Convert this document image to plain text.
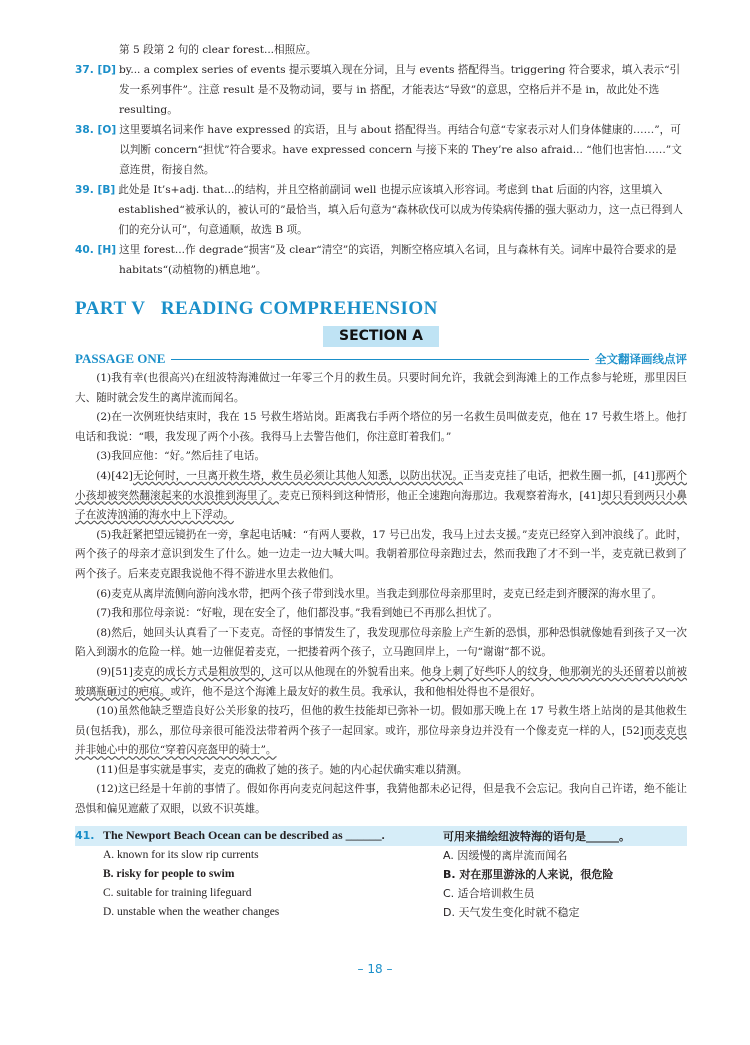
第 5 段第 2 句的 clear forest...相照应。
37. [D] by... a complex series of events 提示要填入现在分词，且与 events 搭配得当。triggering 符合要求，填入表示“引发一系列事件”。注意 result 是不及物动词，要与 in 搭配，才能表达“导致”的意思，空格后并不是 in，故此处不选 resulting。
38. [O] 这里要填名词来作 have expressed 的宾语，且与 about 搭配得当。再结合句意“专家表示对人们身体健康的……”，可以判断 concern“担忧”符合要求。have expressed concern 与接下来的 They’re also afraid... “他们也害怕……”文意连贯，衔接自然。
39. [B] 此处是 It’s+adj. that...的结构，并且空格前副词 well 也提示应该填入形容词。考虑到 that 后面的内容，这里填入 established“被承认的，被认可的”最恰当，填入后句意为“森林砍伐可以成为传染病传播的强大驱动力，这一点已得到人们的充分认可”，句意通顺，故选 B 项。
40. [H] 这里 forest...作 degrade“损害”及 clear“清空”的宾语，判断空格应填入名词，且与森林有关。词库中最符合要求的是 habitats“(动植物的)栖息地”。
PART V   READING COMPREHENSION
SECTION A
PASSAGE ONE	全文翻译画线点评

(1)我有幸(也很高兴)在纽波特海滩做过一年零三个月的救生员。只要时间允许，我就会到海滩上的工作点参与轮班，那里因巨大、随时就会发生的离岸流而闻名。

(2)在一次例班快结束时，我在 15 号救生塔站岗。距离我右手两个塔位的另一名救生员叫做麦克，他在 17 号救生塔上。他打电话和我说：“喂，我发现了两个小孩。我得马上去警告他们，你注意盯着我们。”

(3)我回应他：“好。”然后挂了电话。

(4)[42]无论何时，一旦离开救生塔，救生员必须让其他人知悉，以防出状况。正当麦克挂了电话，把救生圈一抓，[41]那两个小孩却被突然翻滚起来的水浪推到海里了。麦克已预料到这种情形，他正全速跑向海那边。我观察着海水，[41]却只看到两只小鼻子在波涛汹涌的海水中上下浮动。

(5)我赶紧把望远镜扔在一旁，拿起电话喊：“有两人要救，17 号已出发，我马上过去支援。”麦克已经穿入到冲浪线了。此时，两个孩子的母亲才意识到发生了什么。她一边走一边大喊大叫。我朝着那位母亲跑过去，然而我跑了才不到一半，麦克就已救到了两个孩子。后来麦克跟我说他不得不游进水里去救他们。

(6)麦克从离岸流侧向游向浅水带，把两个孩子带到浅水里。当我走到那位母亲那里时，麦克已经走到齐腰深的海水里了。

(7)我和那位母亲说：“好啦，现在安全了，他们都没事。”我看到她已不再那么担忧了。

(8)然后，她回头认真看了一下麦克。奇怪的事情发生了，我发现那位母亲脸上产生新的恐惧，那种恐惧就像她看到孩子又一次陷入到溺水的危险一样。她一边催促着麦克，一把搂着两个孩子，立马跑回岸上，一句“谢谢”都不说。

(9)[51]麦克的成长方式是粗放型的，这可以从他现在的外貌看出来。他身上刺了好些吓人的纹身，他那剃光的头还留着以前被玻璃瓶砸过的疤痕。或许，他不是这个海滩上最友好的救生员。我承认，我和他相处得也不是很好。

(10)虽然他缺乏塑造良好公关形象的技巧，但他的救生技能却已弥补一切。假如那天晚上在 17 号救生塔上站岗的是其他救生员(包括我)，那么，那位母亲很可能没法带着两个孩子一起回家。或许，那位母亲身边并没有一个像麦克一样的人，[52]而麦克也并非她心中的那位“穿着闪亮盔甲的骑士”。

(11)但是事实就是事实，麦克的确救了她的孩子。她的内心起伏确实难以猜测。

(12)这已经是十年前的事情了。假如你再向麦克问起这件事，我猜他都未必记得，但是我不会忘记。我向自己许诺，绝不能让恐惧和偏见遮蔽了双眼，以致不识英雄。

41. The Newport Beach Ocean can be described as ______.	可用来描绘纽波特海的语句是______。
A. known for its slow rip currents	A. 因缓慢的离岸流而闻名
B. risky for people to swim	B. 对在那里游泳的人来说，很危险
C. suitable for training lifeguard	C. 适合培训救生员
D. unstable when the weather changes	D. 天气发生变化时就不稳定
– 18 –
